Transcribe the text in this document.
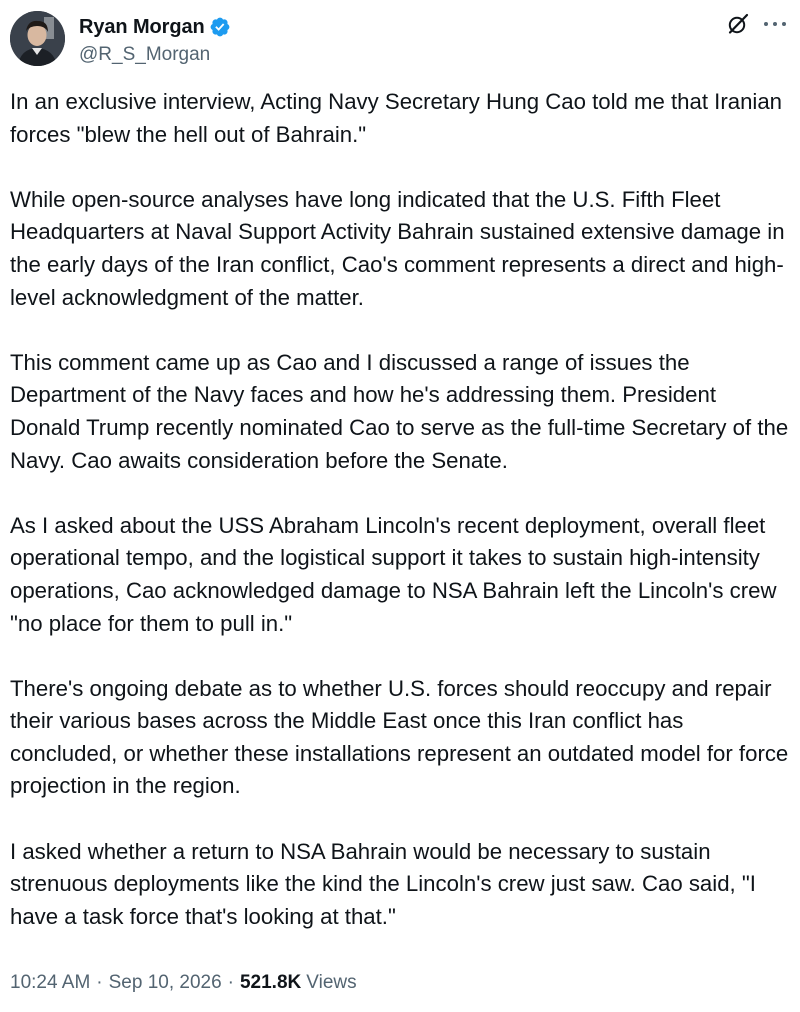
Ryan Morgan
@R_S_Morgan

In an exclusive interview, Acting Navy Secretary Hung Cao told me that Iranian forces "blew the hell out of Bahrain."

While open-source analyses have long indicated that the U.S. Fifth Fleet Headquarters at Naval Support Activity Bahrain sustained extensive damage in the early days of the Iran conflict, Cao's comment represents a direct and high-level acknowledgment of the matter.

This comment came up as Cao and I discussed a range of issues the Department of the Navy faces and how he's addressing them. President Donald Trump recently nominated Cao to serve as the full-time Secretary of the Navy. Cao awaits consideration before the Senate.

As I asked about the USS Abraham Lincoln's recent deployment, overall fleet operational tempo, and the logistical support it takes to sustain high-intensity operations, Cao acknowledged damage to NSA Bahrain left the Lincoln's crew "no place for them to pull in."

There's ongoing debate as to whether U.S. forces should reoccupy and repair their various bases across the Middle East once this Iran conflict has concluded, or whether these installations represent an outdated model for force projection in the region.

I asked whether a return to NSA Bahrain would be necessary to sustain strenuous deployments like the kind the Lincoln's crew just saw. Cao said, "I have a task force that's looking at that."

10:24 AM · Sep 10, 2026 · 521.8K Views
